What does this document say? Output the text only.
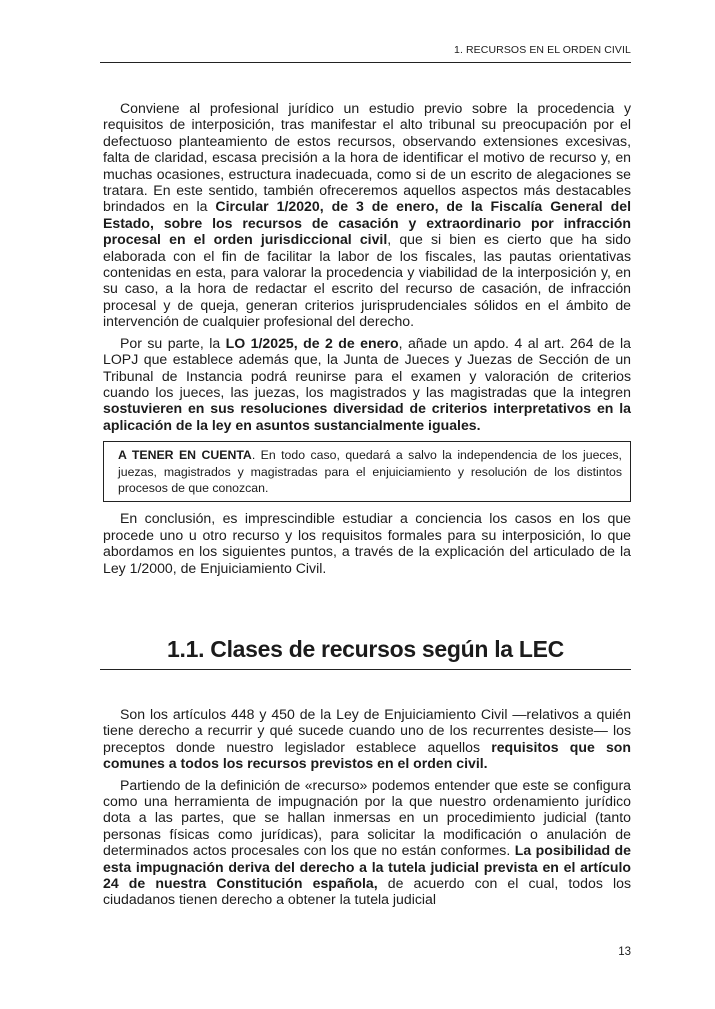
1. RECURSOS EN EL ORDEN CIVIL

Conviene al profesional jurídico un estudio previo sobre la procedencia y requisitos de interposición, tras manifestar el alto tribunal su preocupación por el defectuoso planteamiento de estos recursos, observando extensiones excesivas, falta de claridad, escasa precisión a la hora de identificar el motivo de recurso y, en muchas ocasiones, estructura inadecuada, como si de un escrito de alegaciones se tratara. En este sentido, también ofreceremos aquellos aspectos más destacables brindados en la Circular 1/2020, de 3 de enero, de la Fiscalía General del Estado, sobre los recursos de casación y extraordinario por infracción procesal en el orden jurisdiccional civil, que si bien es cierto que ha sido elaborada con el fin de facilitar la labor de los fiscales, las pautas orientativas contenidas en esta, para valorar la procedencia y viabilidad de la interposición y, en su caso, a la hora de redactar el escrito del recurso de casación, de infracción procesal y de queja, generan criterios jurisprudenciales sólidos en el ámbito de intervención de cualquier profesional del derecho.

Por su parte, la LO 1/2025, de 2 de enero, añade un apdo. 4 al art. 264 de la LOPJ que establece además que, la Junta de Jueces y Juezas de Sección de un Tribunal de Instancia podrá reunirse para el examen y valoración de criterios cuando los jueces, las juezas, los magistrados y las magistradas que la integren sostuvieren en sus resoluciones diversidad de criterios interpretativos en la aplicación de la ley en asuntos sustancialmente iguales.

A TENER EN CUENTA. En todo caso, quedará a salvo la independencia de los jueces, juezas, magistrados y magistradas para el enjuiciamiento y resolución de los distintos procesos de que conozcan.

En conclusión, es imprescindible estudiar a conciencia los casos en los que procede uno u otro recurso y los requisitos formales para su interposición, lo que abordamos en los siguientes puntos, a través de la explicación del articulado de la Ley 1/2000, de Enjuiciamiento Civil.

1.1. Clases de recursos según la LEC

Son los artículos 448 y 450 de la Ley de Enjuiciamiento Civil —relativos a quién tiene derecho a recurrir y qué sucede cuando uno de los recurrentes desiste— los preceptos donde nuestro legislador establece aquellos requisitos que son comunes a todos los recursos previstos en el orden civil.

Partiendo de la definición de «recurso» podemos entender que este se configura como una herramienta de impugnación por la que nuestro ordenamiento jurídico dota a las partes, que se hallan inmersas en un procedimiento judicial (tanto personas físicas como jurídicas), para solicitar la modificación o anulación de determinados actos procesales con los que no están conformes. La posibilidad de esta impugnación deriva del derecho a la tutela judicial prevista en el artículo 24 de nuestra Constitución española, de acuerdo con el cual, todos los ciudadanos tienen derecho a obtener la tutela judicial

13
